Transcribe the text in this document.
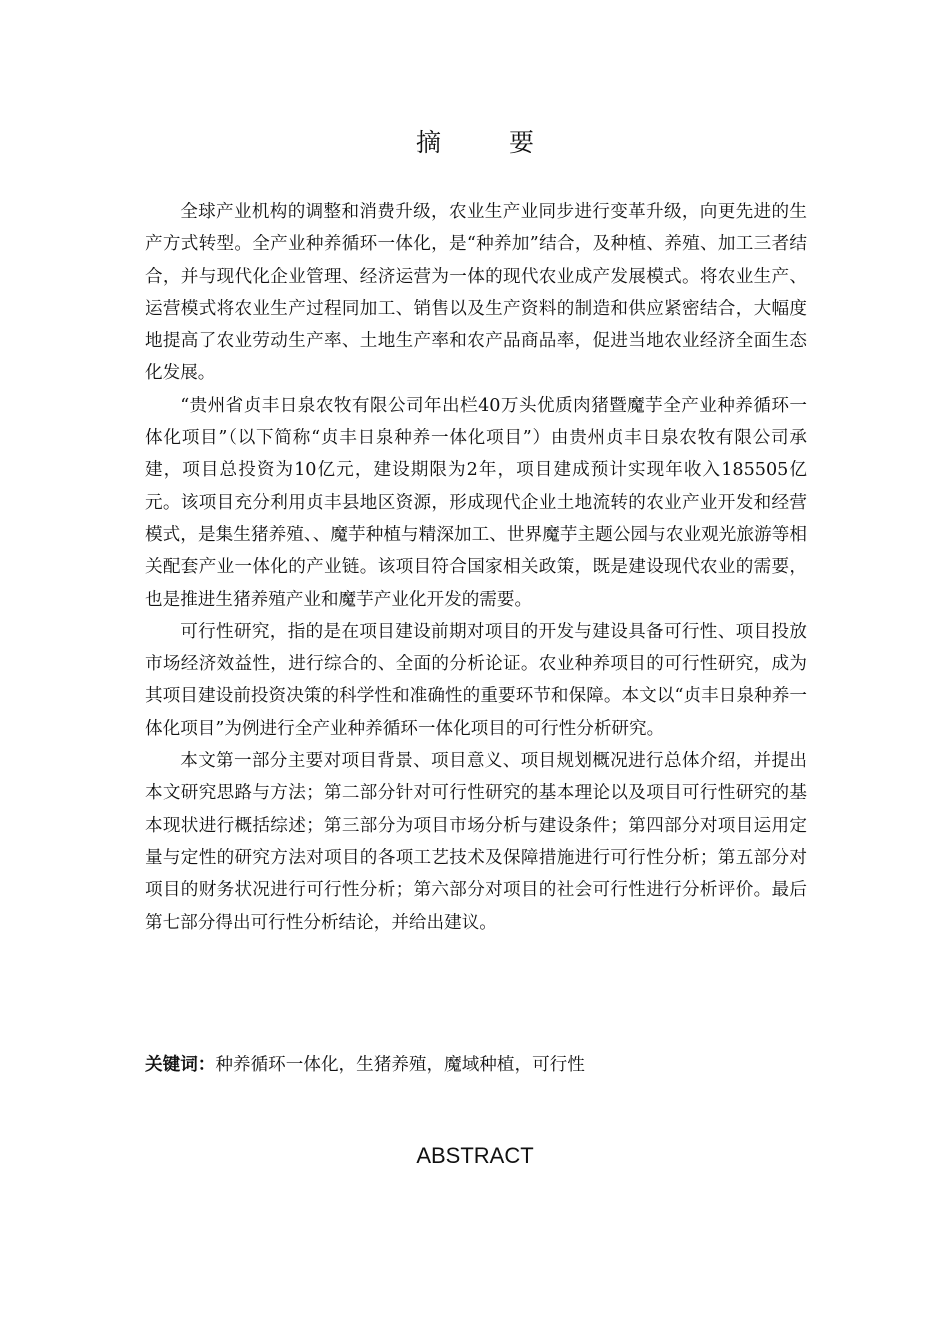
摘 要

全球产业机构的调整和消费升级，农业生产业同步进行变革升级，向更先进的生产方式转型。全产业种养循环一体化，是“种养加”结合，及种植、养殖、加工三者结合，并与现代化企业管理、经济运营为一体的现代农业成产发展模式。将农业生产、运营模式将农业生产过程同加工、销售以及生产资料的制造和供应紧密结合，大幅度地提高了农业劳动生产率、土地生产率和农产品商品率，促进当地农业经济全面生态化发展。

“贵州省贞丰日泉农牧有限公司年出栏40万头优质肉猪暨魔芋全产业种养循环一体化项目”（以下简称“贞丰日泉种养一体化项目”）由贵州贞丰日泉农牧有限公司承建，项目总投资为10亿元，建设期限为2年，项目建成预计实现年收入185505亿元。该项目充分利用贞丰县地区资源，形成现代企业土地流转的农业产业开发和经营模式，是集生猪养殖、、魔芋种植与精深加工、世界魔芋主题公园与农业观光旅游等相关配套产业一体化的产业链。该项目符合国家相关政策，既是建设现代农业的需要，也是推进生猪养殖产业和魔芋产业化开发的需要。

可行性研究，指的是在项目建设前期对项目的开发与建设具备可行性、项目投放市场经济效益性，进行综合的、全面的分析论证。农业种养项目的可行性研究，成为其项目建设前投资决策的科学性和准确性的重要环节和保障。本文以“贞丰日泉种养一体化项目”为例进行全产业种养循环一体化项目的可行性分析研究。

本文第一部分主要对项目背景、项目意义、项目规划概况进行总体介绍，并提出本文研究思路与方法；第二部分针对可行性研究的基本理论以及项目可行性研究的基本现状进行概括综述；第三部分为项目市场分析与建设条件；第四部分对项目运用定量与定性的研究方法对项目的各项工艺技术及保障措施进行可行性分析；第五部分对项目的财务状况进行可行性分析；第六部分对项目的社会可行性进行分析评价。最后第七部分得出可行性分析结论，并给出建议。

关键词：种养循环一体化，生猪养殖，魔域种植，可行性

ABSTRACT
